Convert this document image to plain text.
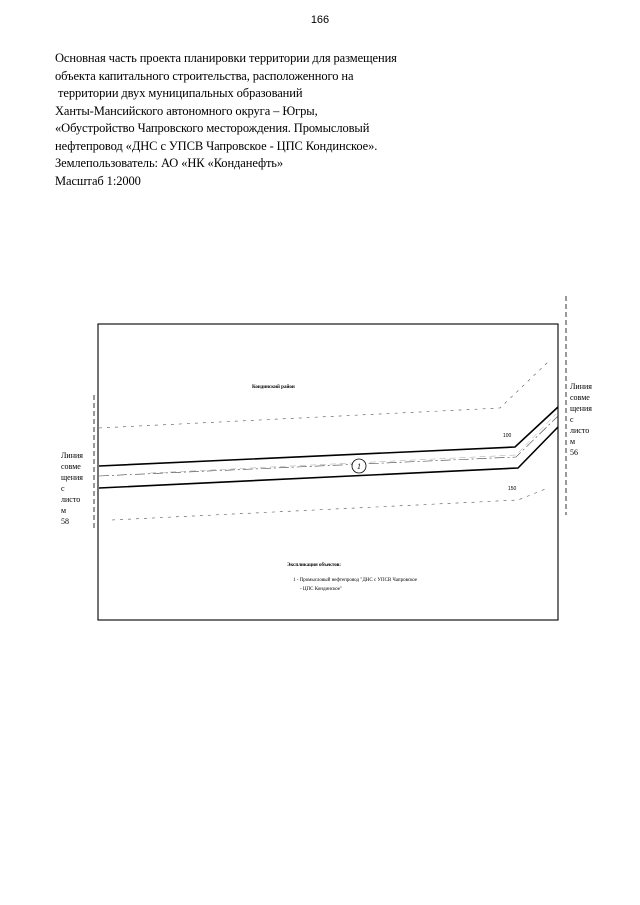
166
Основная часть проекта планировки территории для размещения
объекта капитального строительства, расположенного на
территории двух муниципальных образований
Ханты-Мансийского автономного округа – Югры,
«Обустройство Чапровского месторождения. Промысловый
нефтепровод «ДНС с УПСВ Чапровское - ЦПС Кондинское».
Землепользователь: АО «НК «Конданефть»
Масштаб 1:2000
1
100
150
Кондинский район
Экспликация объектов:
1 - Промысловый нефтепровод "ДНС с УПСВ Чапровское
- ЦПС Кондинское"
Линия
совме
щения
с
листо
м
58
Линия
совме
щения
с
листо
м
56
